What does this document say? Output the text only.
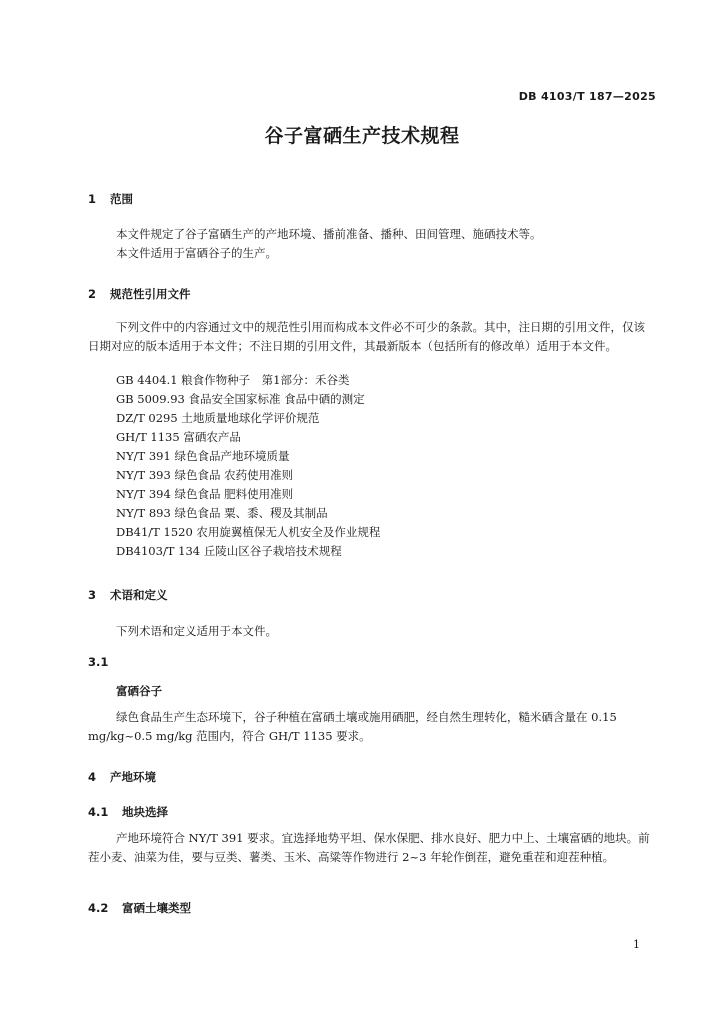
DB 4103/T 187—2025
谷子富硒生产技术规程
1 范围
本文件规定了谷子富硒生产的产地环境、播前准备、播种、田间管理、施硒技术等。
本文件适用于富硒谷子的生产。
2 规范性引用文件
下列文件中的内容通过文中的规范性引用而构成本文件必不可少的条款。其中，注日期的引用文件，仅该日期对应的版本适用于本文件；不注日期的引用文件，其最新版本（包括所有的修改单）适用于本文件。
GB 4404.1 粮食作物种子　第1部分：禾谷类
GB 5009.93 食品安全国家标准 食品中硒的测定
DZ/T 0295 土地质量地球化学评价规范
GH/T 1135 富硒农产品
NY/T 391 绿色食品产地环境质量
NY/T 393 绿色食品 农药使用准则
NY/T 394 绿色食品 肥料使用准则
NY/T 893 绿色食品 粟、黍、稷及其制品
DB41/T 1520 农用旋翼植保无人机安全及作业规程
DB4103/T 134 丘陵山区谷子栽培技术规程
3 术语和定义
下列术语和定义适用于本文件。
3.1
富硒谷子
绿色食品生产生态环境下，谷子种植在富硒土壤或施用硒肥，经自然生理转化，糙米硒含量在 0.15 mg/kg~0.5 mg/kg 范围内，符合 GH/T 1135 要求。
4 产地环境
4.1 地块选择
产地环境符合 NY/T 391 要求。宜选择地势平坦、保水保肥、排水良好、肥力中上、土壤富硒的地块。前茬小麦、油菜为佳，要与豆类、薯类、玉米、高粱等作物进行 2~3 年轮作倒茬，避免重茬和迎茬种植。
4.2 富硒土壤类型
1
